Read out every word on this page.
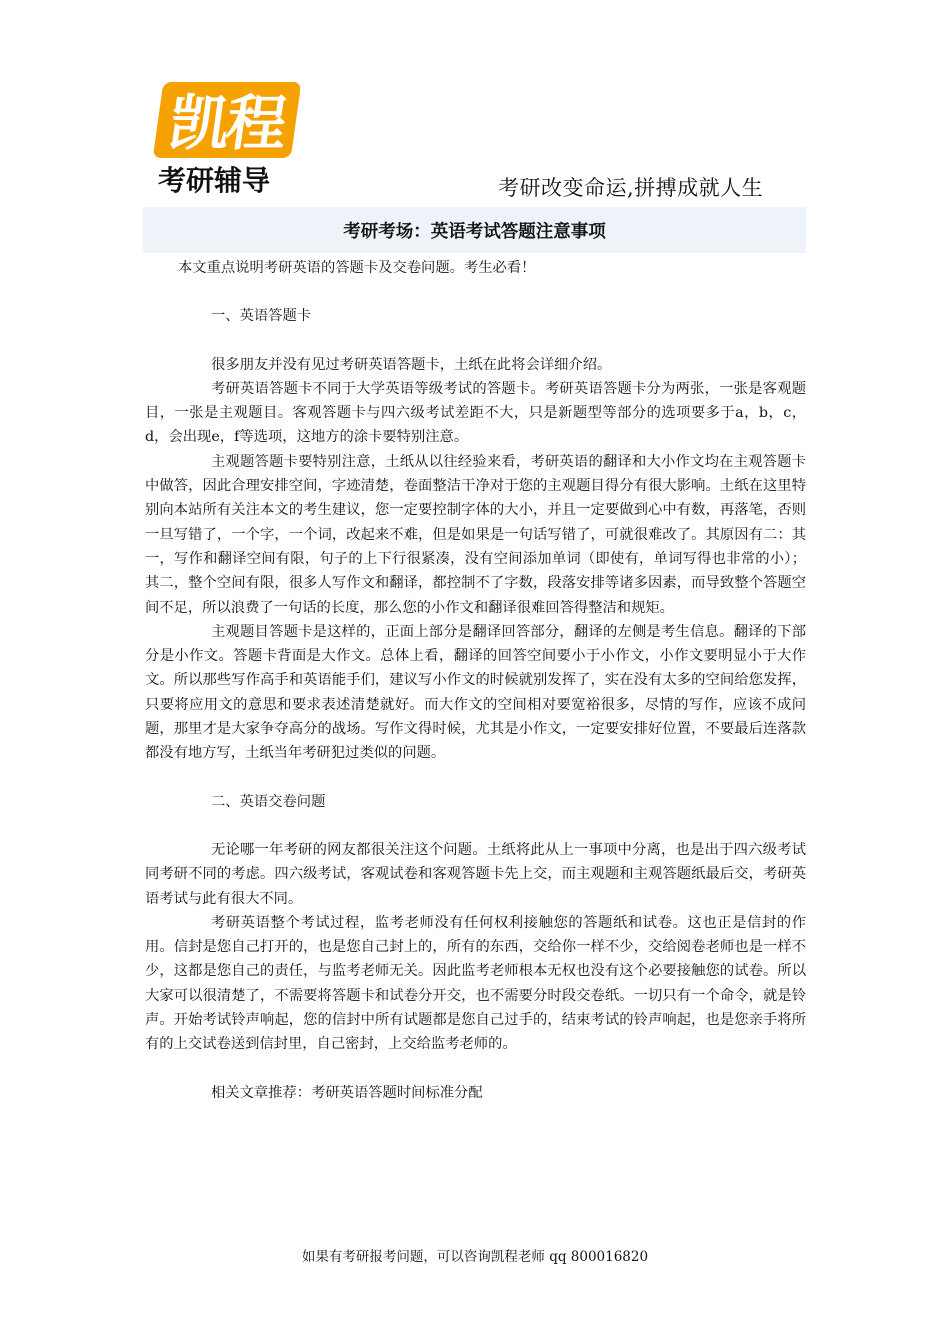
凯程
考研辅导	考研改变命运,拼搏成就人生
考研考场：英语考试答题注意事项

本文重点说明考研英语的答题卡及交卷问题。考生必看！

一、英语答题卡

很多朋友并没有见过考研英语答题卡，土纸在此将会详细介绍。

考研英语答题卡不同于大学英语等级考试的答题卡。考研英语答题卡分为两张，一张是客观题目，一张是主观题目。客观答题卡与四六级考试差距不大，只是新题型等部分的选项要多于a，b，c，d，会出现e，f等选项，这地方的涂卡要特别注意。

主观题答题卡要特别注意，土纸从以往经验来看，考研英语的翻译和大小作文均在主观答题卡中做答，因此合理安排空间，字迹清楚，卷面整洁干净对于您的主观题目得分有很大影响。土纸在这里特别向本站所有关注本文的考生建议，您一定要控制字体的大小，并且一定要做到心中有数，再落笔，否则一旦写错了，一个字，一个词，改起来不难，但是如果是一句话写错了，可就很难改了。其原因有二：其一，写作和翻译空间有限，句子的上下行很紧凑，没有空间添加单词（即使有，单词写得也非常的小）；其二，整个空间有限，很多人写作文和翻译，都控制不了字数，段落安排等诸多因素，而导致整个答题空间不足，所以浪费了一句话的长度，那么您的小作文和翻译很难回答得整洁和规矩。

主观题目答题卡是这样的，正面上部分是翻译回答部分，翻译的左侧是考生信息。翻译的下部分是小作文。答题卡背面是大作文。总体上看，翻译的回答空间要小于小作文，小作文要明显小于大作文。所以那些写作高手和英语能手们，建议写小作文的时候就别发挥了，实在没有太多的空间给您发挥，只要将应用文的意思和要求表述清楚就好。而大作文的空间相对要宽裕很多，尽情的写作，应该不成问题，那里才是大家争夺高分的战场。写作文得时候，尤其是小作文，一定要安排好位置，不要最后连落款都没有地方写，土纸当年考研犯过类似的问题。

二、英语交卷问题

无论哪一年考研的网友都很关注这个问题。土纸将此从上一事项中分离，也是出于四六级考试同考研不同的考虑。四六级考试，客观试卷和客观答题卡先上交，而主观题和主观答题纸最后交，考研英语考试与此有很大不同。

考研英语整个考试过程，监考老师没有任何权利接触您的答题纸和试卷。这也正是信封的作用。信封是您自己打开的，也是您自己封上的，所有的东西，交给你一样不少，交给阅卷老师也是一样不少，这都是您自己的责任，与监考老师无关。因此监考老师根本无权也没有这个必要接触您的试卷。所以大家可以很清楚了，不需要将答题卡和试卷分开交，也不需要分时段交卷纸。一切只有一个命令，就是铃声。开始考试铃声响起，您的信封中所有试题都是您自己过手的，结束考试的铃声响起，也是您亲手将所有的上交试卷送到信封里，自己密封，上交给监考老师的。

相关文章推荐：考研英语答题时间标准分配

如果有考研报考问题，可以咨询凯程老师 qq 800016820
